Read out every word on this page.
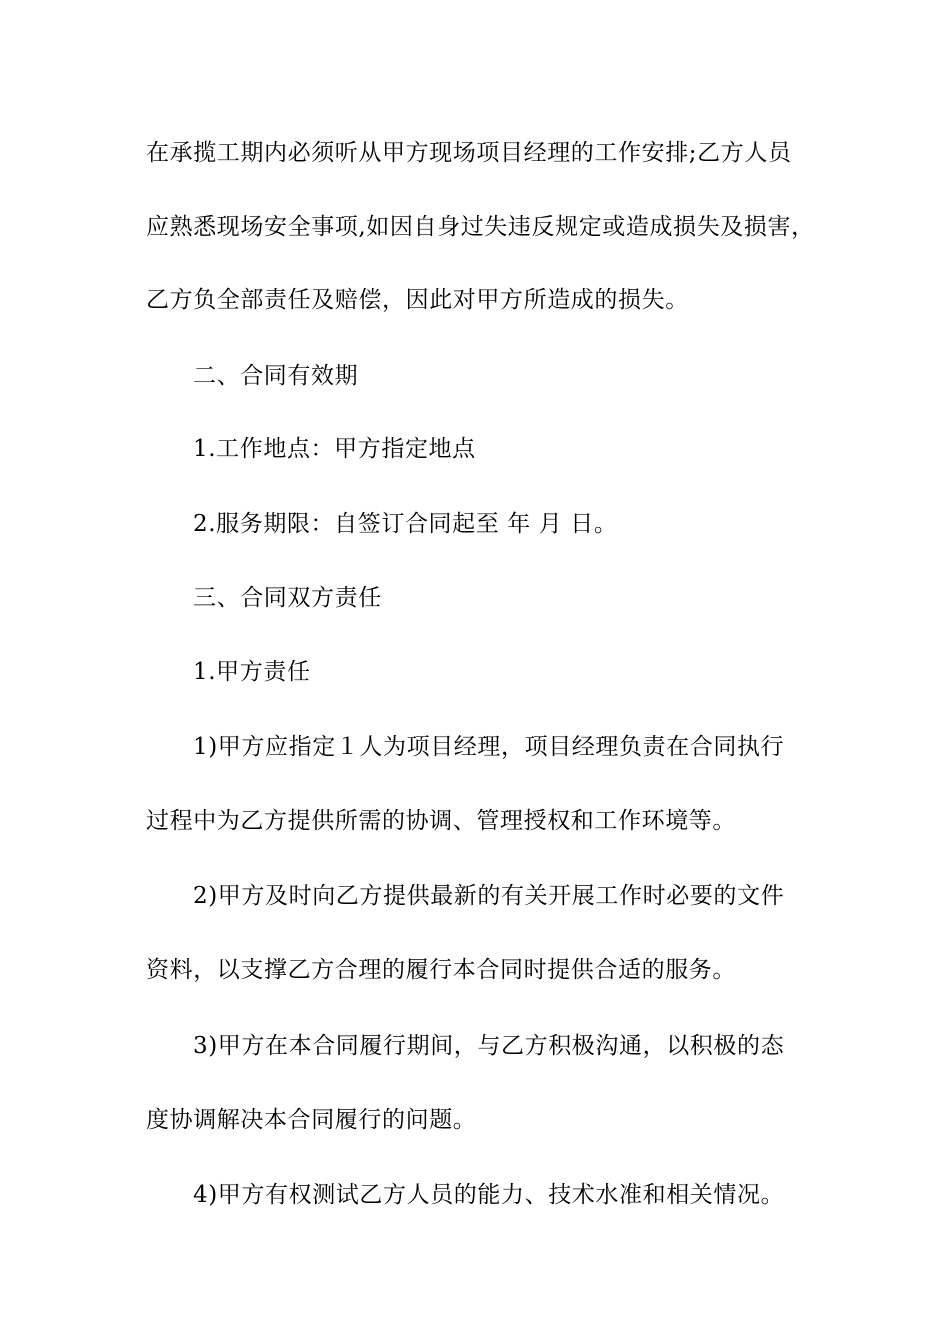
在承揽工期内必须听从甲方现场项目经理的工作安排;乙方人员
应熟悉现场安全事项,如因自身过失违反规定或造成损失及损害，
乙方负全部责任及赔偿，因此对甲方所造成的损失。
二、合同有效期
1.工作地点：甲方指定地点
2.服务期限：自签订合同起至 年 月 日。
三、合同双方责任
1.甲方责任
1)甲方应指定１人为项目经理，项目经理负责在合同执行
过程中为乙方提供所需的协调、管理授权和工作环境等。
2)甲方及时向乙方提供最新的有关开展工作时必要的文件
资料，以支撑乙方合理的履行本合同时提供合适的服务。
3)甲方在本合同履行期间，与乙方积极沟通，以积极的态
度协调解决本合同履行的问题。
4)甲方有权测试乙方人员的能力、技术水准和相关情况。
